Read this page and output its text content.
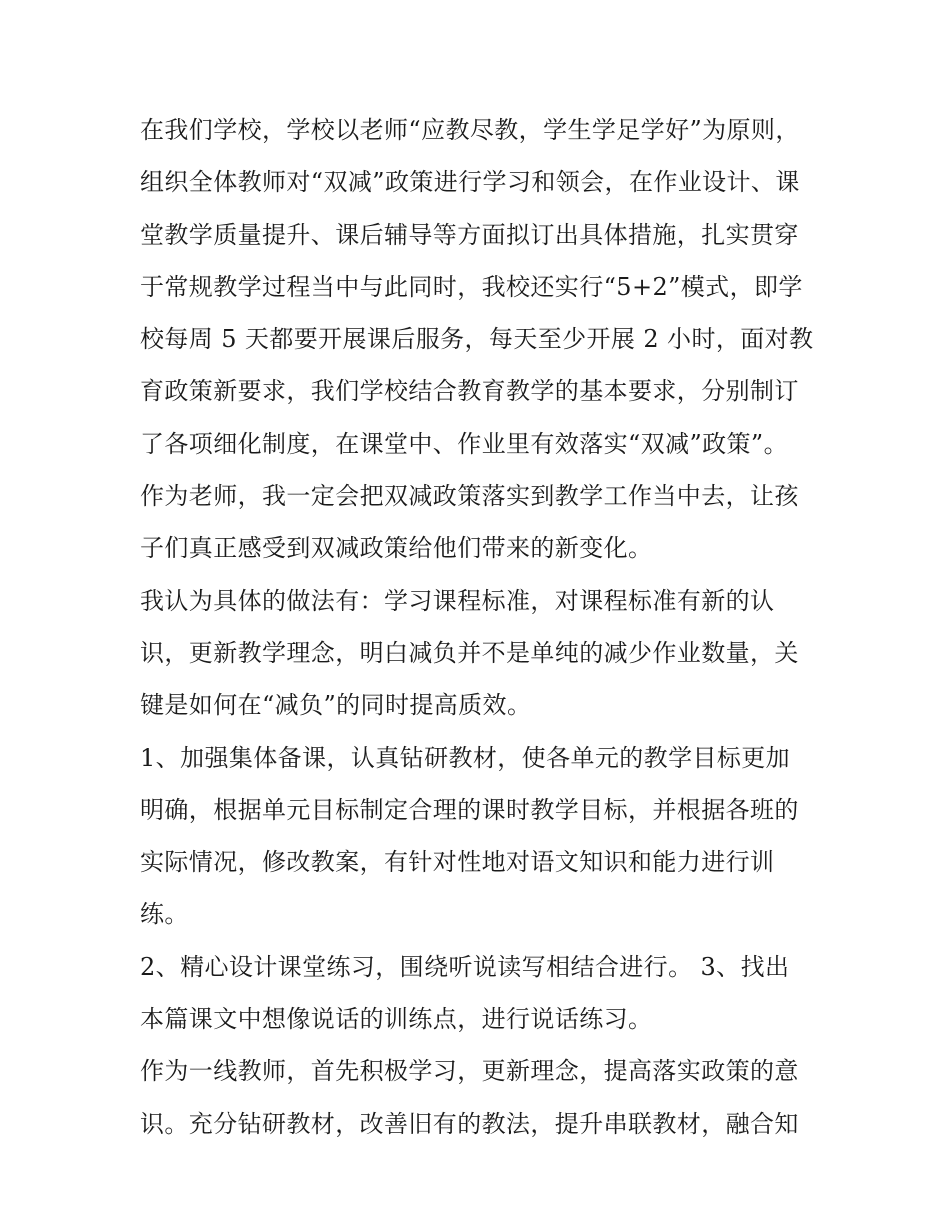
在我们学校，学校以老师“应教尽教，学生学足学好”为原则，
组织全体教师对“双减”政策进行学习和领会，在作业设计、课
堂教学质量提升、课后辅导等方面拟订出具体措施，扎实贯穿
于常规教学过程当中与此同时，我校还实行“5+2”模式，即学
校每周 5 天都要开展课后服务，每天至少开展 2 小时，面对教
育政策新要求，我们学校结合教育教学的基本要求，分别制订
了各项细化制度，在课堂中、作业里有效落实“双减”政策”。
作为老师，我一定会把双减政策落实到教学工作当中去，让孩
子们真正感受到双减政策给他们带来的新变化。
我认为具体的做法有：学习课程标准，对课程标准有新的认
识，更新教学理念，明白减负并不是单纯的减少作业数量，关
键是如何在“减负”的同时提高质效。
1、加强集体备课，认真钻研教材，使各单元的教学目标更加
明确，根据单元目标制定合理的课时教学目标，并根据各班的
实际情况，修改教案，有针对性地对语文知识和能力进行训
练。
2、精心设计课堂练习，围绕听说读写相结合进行。 3、找出
本篇课文中想像说话的训练点，进行说话练习。
作为一线教师，首先积极学习，更新理念，提高落实政策的意
识。充分钻研教材，改善旧有的教法，提升串联教材，融合知
